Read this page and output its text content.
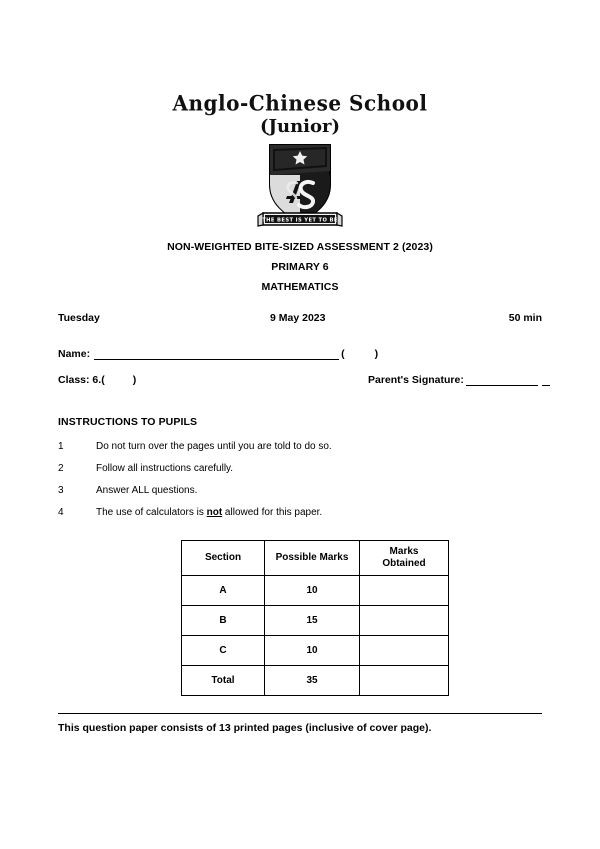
Anglo-Chinese School
(Junior)
THE BEST IS YET TO BE
NON-WEIGHTED BITE-SIZED ASSESSMENT 2 (2023)
PRIMARY 6
MATHEMATICS
Tuesday	9 May 2023	50 min
Name:	(	)
Class: 6.(	)	Parent's Signature:
INSTRUCTIONS TO PUPILS
1	Do not turn over the pages until you are told to do so.
2	Follow all instructions carefully.
3	Answer ALL questions.
4	The use of calculators is not allowed for this paper.
Section	Possible Marks	Marks
Obtained
A	10	
B	15	
C	10	
Total	35	
This question paper consists of 13 printed pages (inclusive of cover page).
